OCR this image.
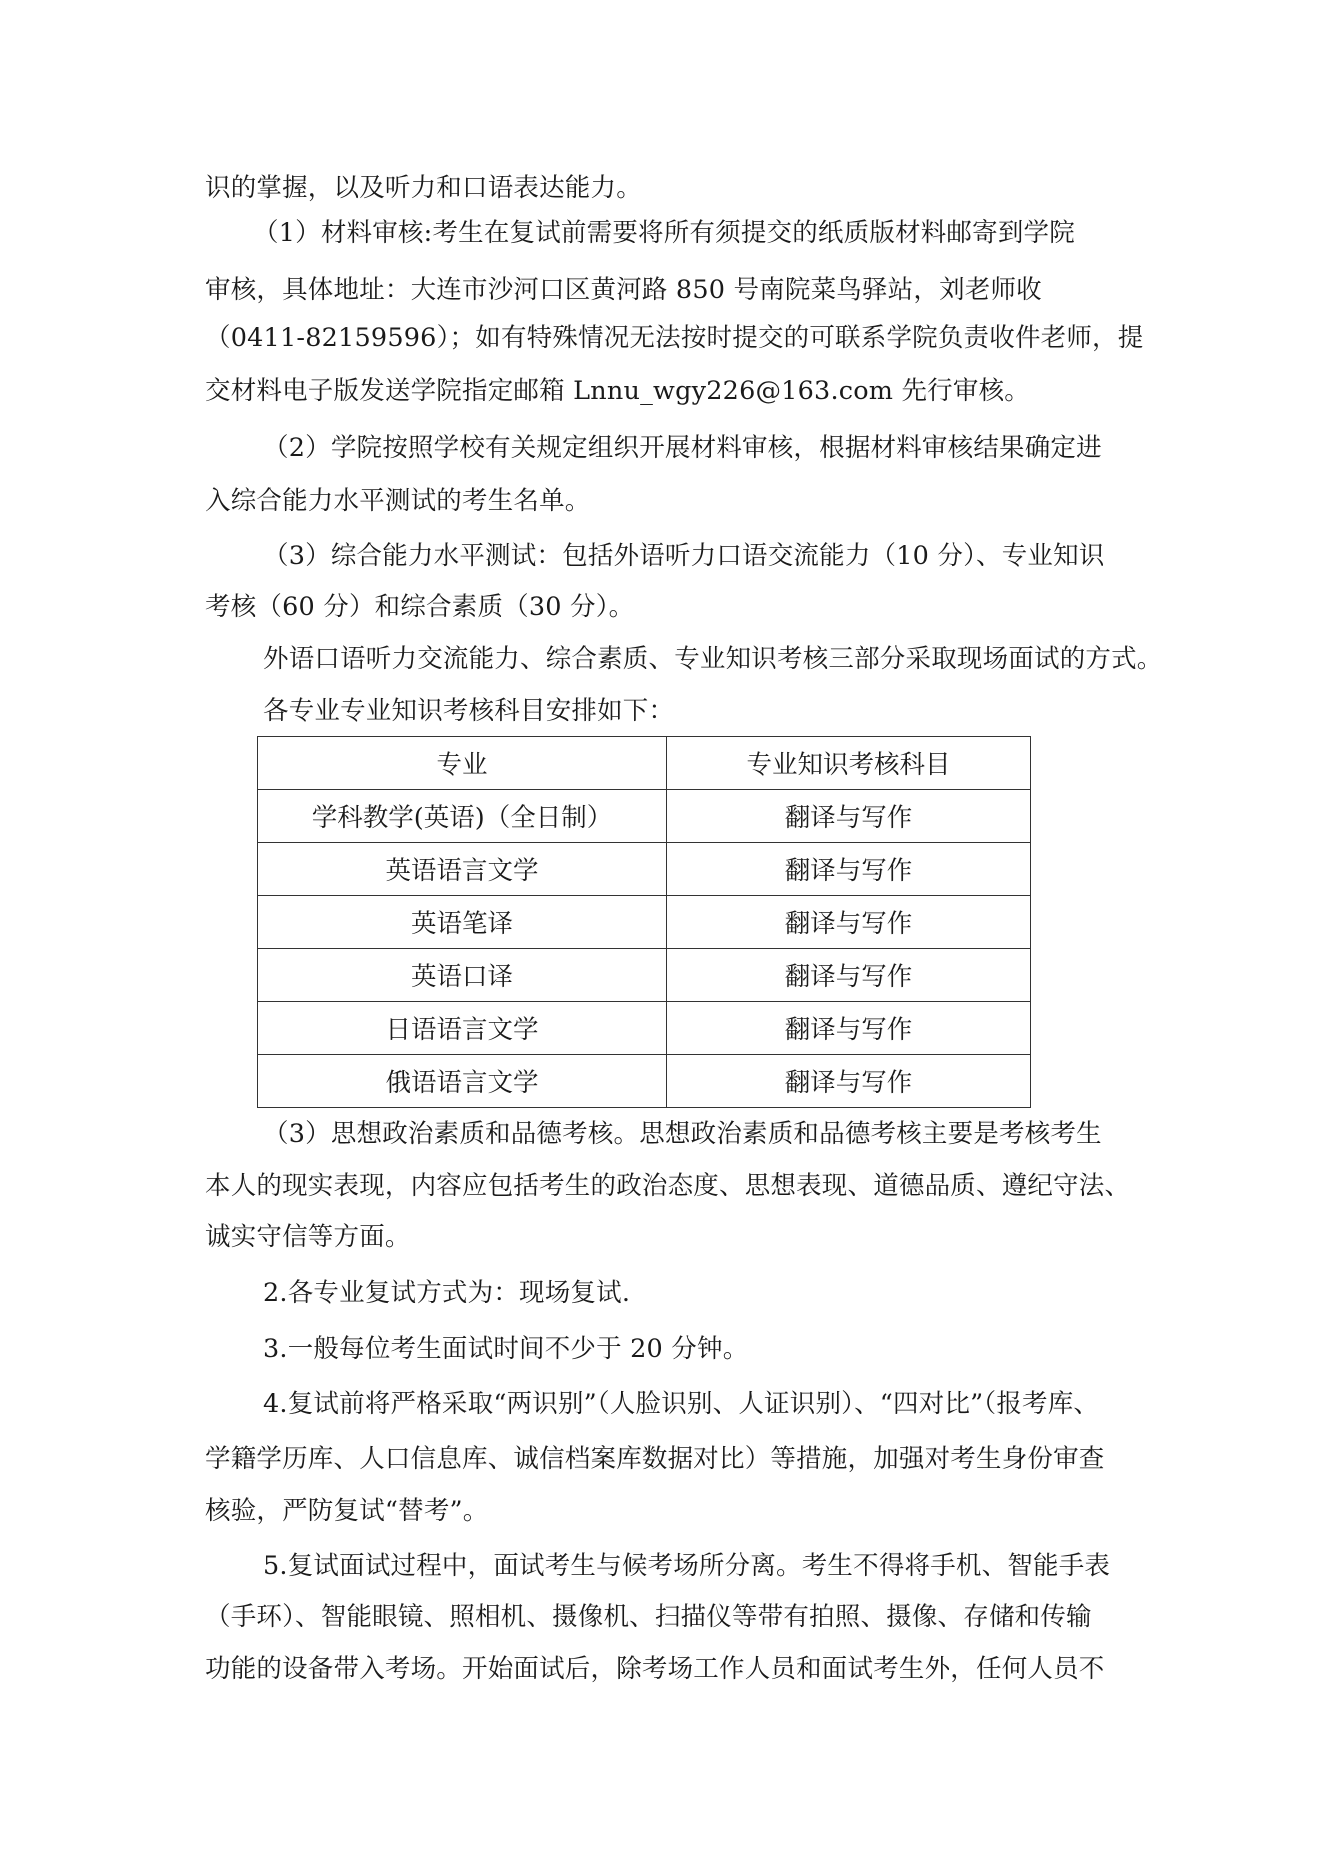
识的掌握，以及听力和口语表达能力。
（1）材料审核:考生在复试前需要将所有须提交的纸质版材料邮寄到学院
审核，具体地址：大连市沙河口区黄河路 850 号南院菜鸟驿站，刘老师收
（0411-82159596）；如有特殊情况无法按时提交的可联系学院负责收件老师，提
交材料电子版发送学院指定邮箱 Lnnu_wgy226@163.com 先行审核。
（2）学院按照学校有关规定组织开展材料审核，根据材料审核结果确定进
入综合能力水平测试的考生名单。
（3）综合能力水平测试：包括外语听力口语交流能力（10 分）、专业知识
考核（60 分）和综合素质（30 分）。
外语口语听力交流能力、综合素质、专业知识考核三部分采取现场面试的方式。
各专业专业知识考核科目安排如下：
专业	专业知识考核科目
学科教学(英语)（全日制）	翻译与写作
英语语言文学	翻译与写作
英语笔译	翻译与写作
英语口译	翻译与写作
日语语言文学	翻译与写作
俄语语言文学	翻译与写作
（3）思想政治素质和品德考核。思想政治素质和品德考核主要是考核考生
本人的现实表现，内容应包括考生的政治态度、思想表现、道德品质、遵纪守法、
诚实守信等方面。
2.各专业复试方式为：现场复试.
3.一般每位考生面试时间不少于 20 分钟。
4.复试前将严格采取“两识别”（人脸识别、人证识别）、“四对比”（报考库、
学籍学历库、人口信息库、诚信档案库数据对比）等措施，加强对考生身份审查
核验，严防复试“替考”。
5.复试面试过程中，面试考生与候考场所分离。考生不得将手机、智能手表
（手环）、智能眼镜、照相机、摄像机、扫描仪等带有拍照、摄像、存储和传输
功能的设备带入考场。开始面试后，除考场工作人员和面试考生外，任何人员不
